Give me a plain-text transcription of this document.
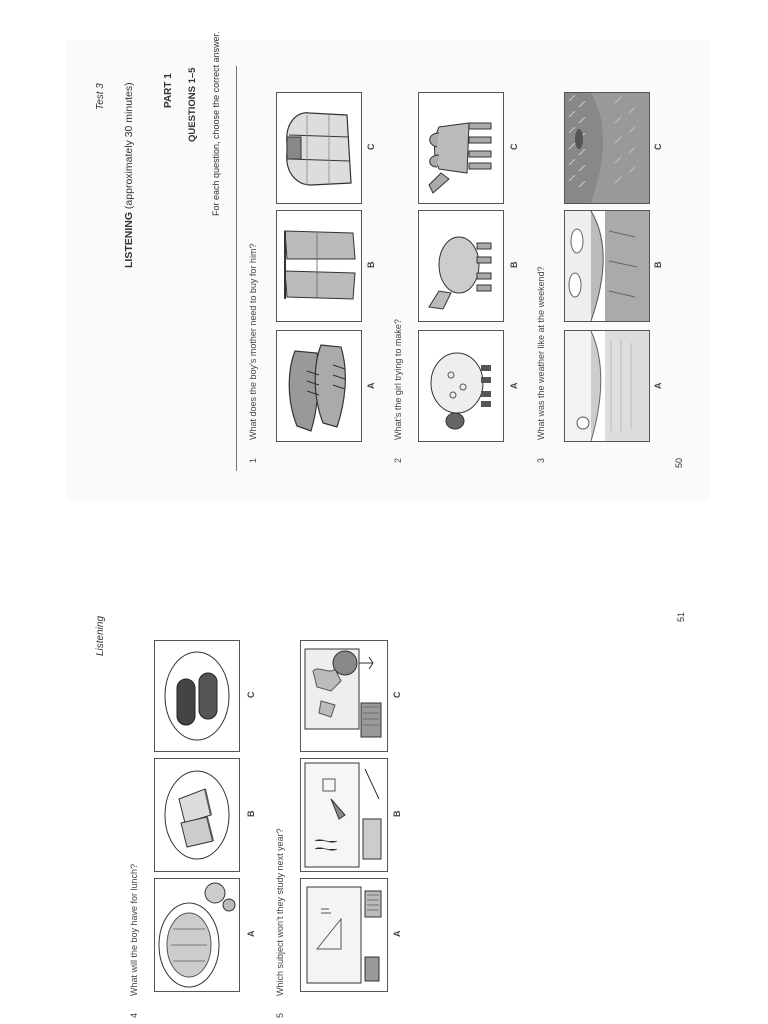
Test 3
LISTENING (approximately 30 minutes)	PART 1 QUESTIONS 1–5 For each question, choose the correct answer.
1
What does the boy’s mother need to buy for him?	A
B
C
2
What’s the girl trying to make?	A
B
C
3
What was the weather like at the weekend?	A
B
C
50
Listening
4
What will the boy have for lunch?	A
B
C
5
Which subject won’t they study next year?	A
B
C
51
